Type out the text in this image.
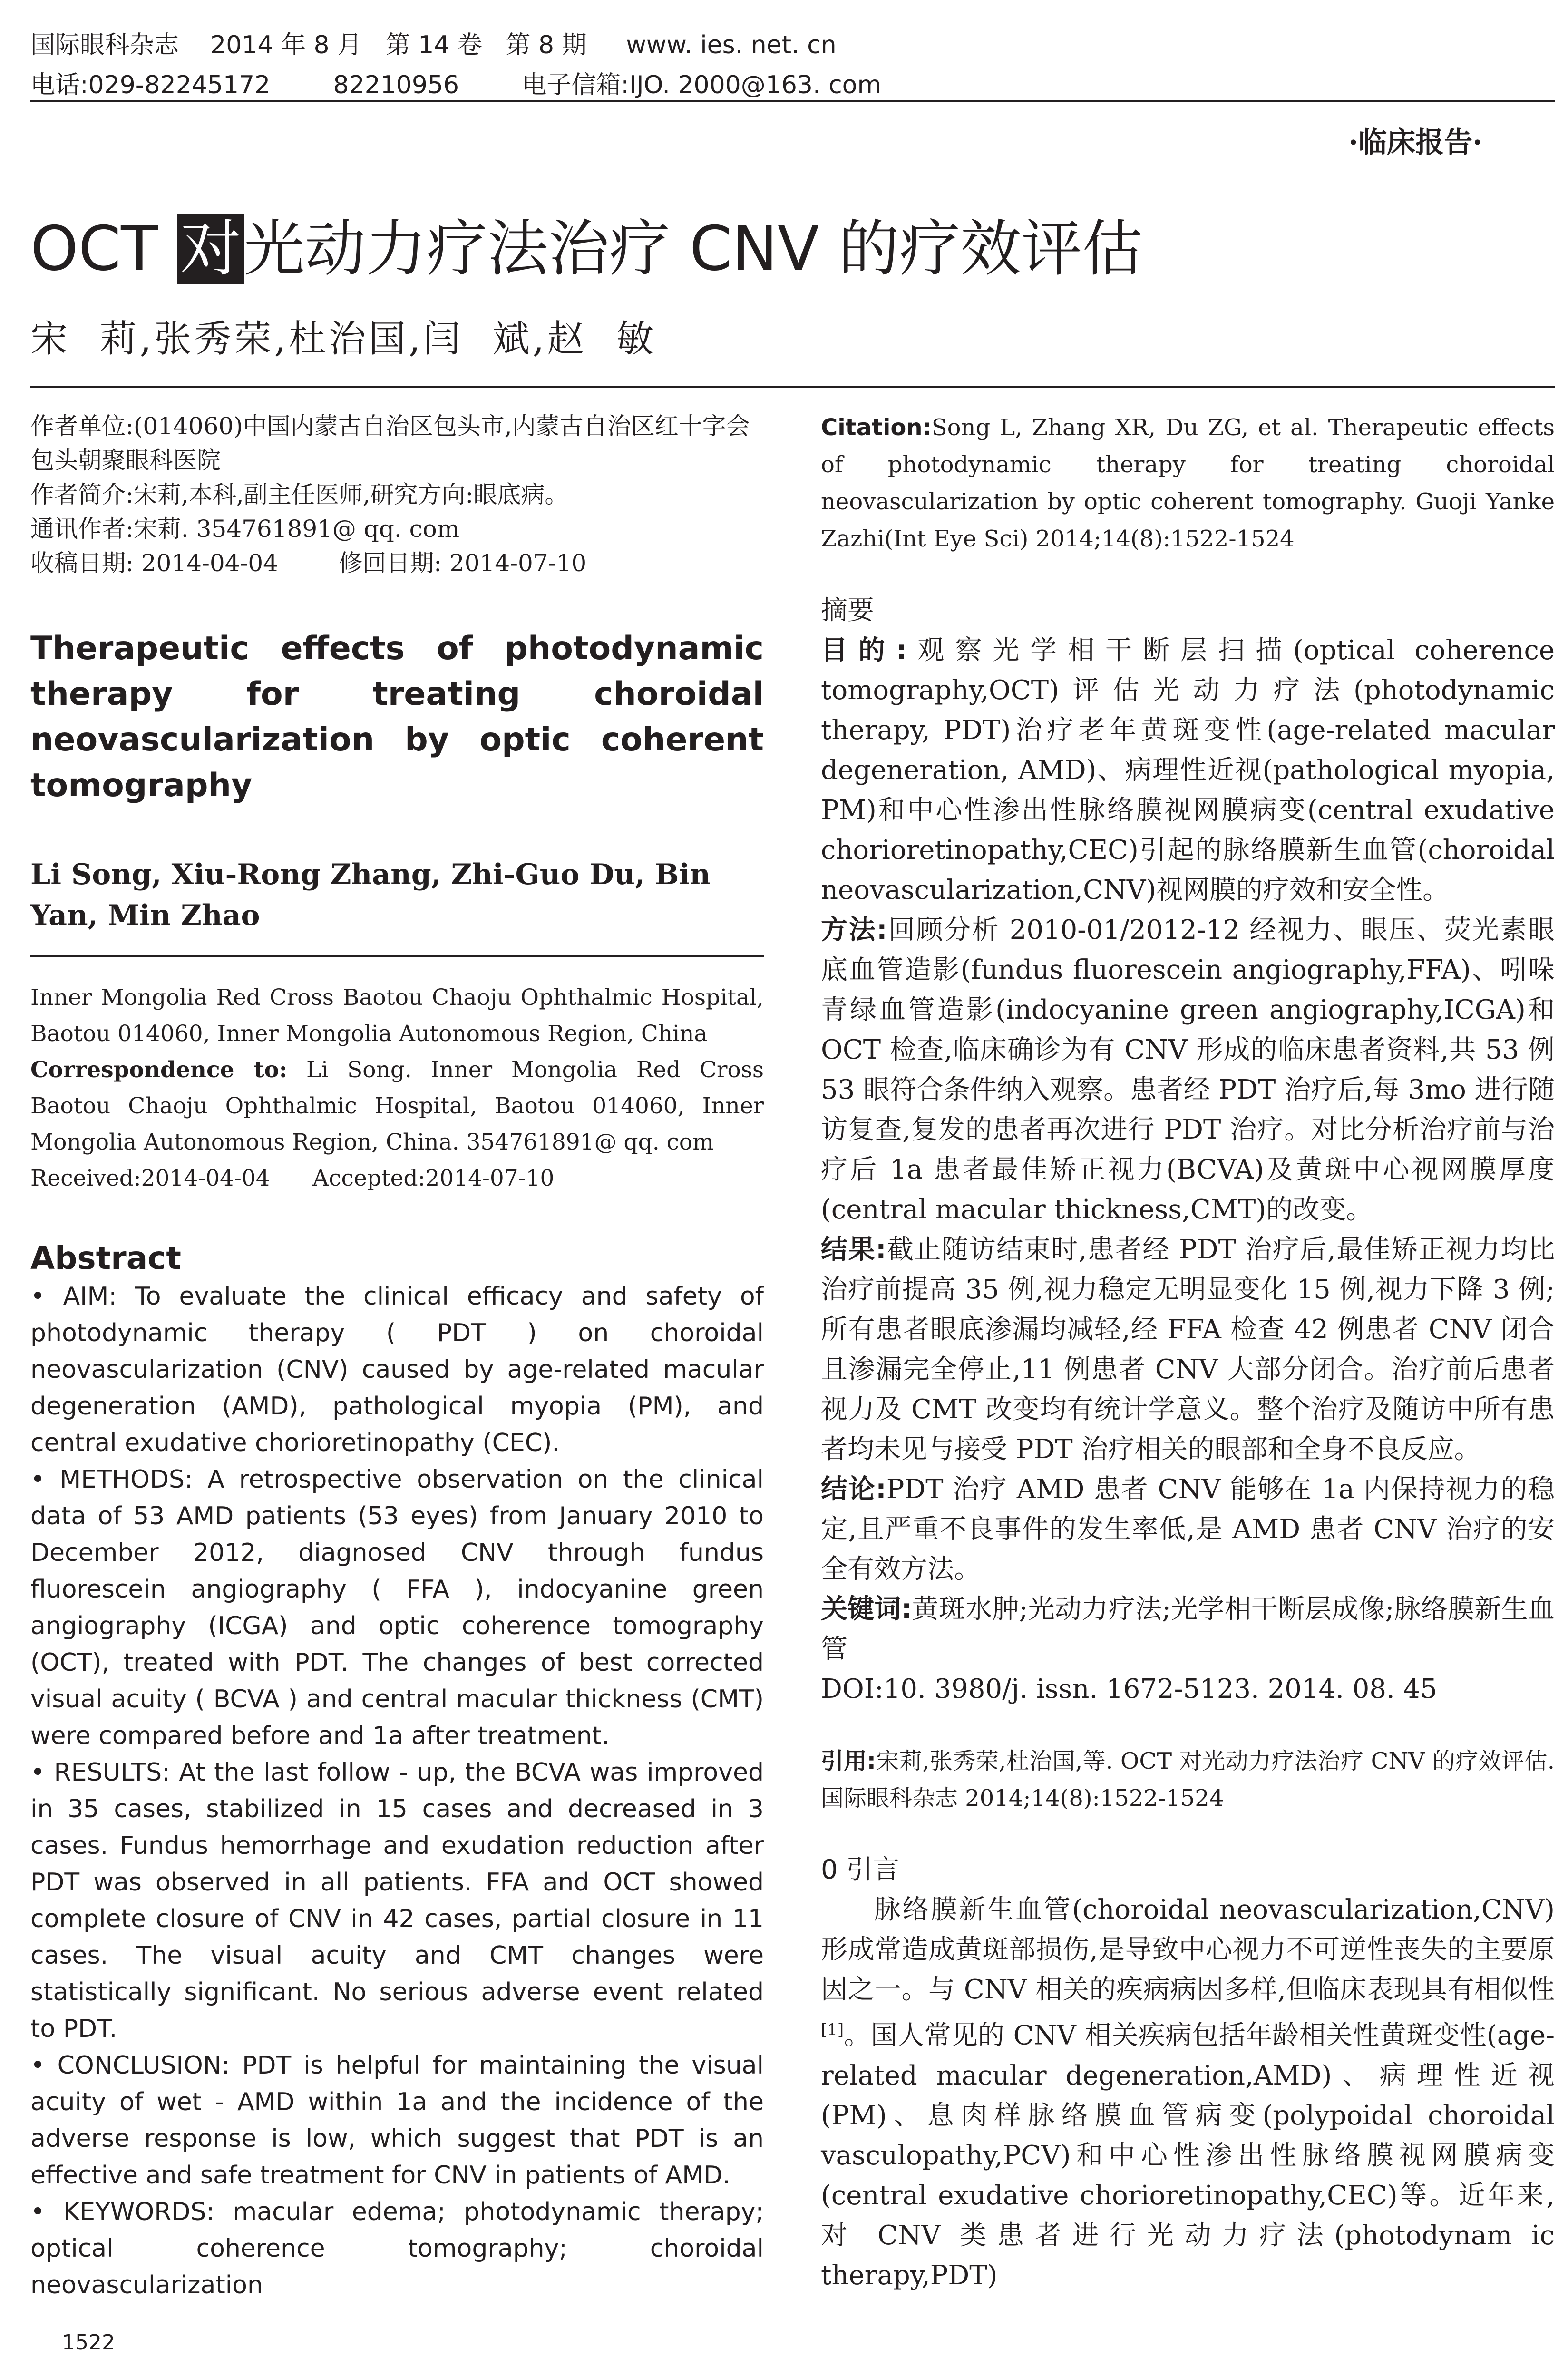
国际眼科杂志    2014 年 8 月   第 14 卷   第 8 期     www. ies. net. cn
电话:029-82245172        82210956        电子信箱:IJO. 2000@163. com
·临床报告·
OCT 对光动力疗法治疗 CNV 的疗效评估
宋  莉,张秀荣,杜治国,闫  斌,赵  敏

作者单位:(014060)中国内蒙古自治区包头市,内蒙古自治区红十字会包头朝聚眼科医院

作者简介:宋莉,本科,副主任医师,研究方向:眼底病。

通讯作者:宋莉. 354761891@ qq. com

收稿日期: 2014-04-04        修回日期: 2014-07-10

Therapeutic effects of photodynamic therapy for treating choroidal neovascularization by optic coherent tomography
Li Song, Xiu-Rong Zhang, Zhi-Guo Du, Bin Yan, Min Zhao

Inner Mongolia Red Cross Baotou Chaoju Ophthalmic Hospital, Baotou 014060, Inner Mongolia Autonomous Region, China

Correspondence to: Li Song. Inner Mongolia Red Cross Baotou Chaoju Ophthalmic Hospital, Baotou 014060, Inner Mongolia Autonomous Region, China. 354761891@ qq. com

Received:2014-04-04      Accepted:2014-07-10

Abstract

• AIM: To evaluate the clinical efficacy and safety of photodynamic therapy ( PDT ) on choroidal neovascularization (CNV) caused by age-related macular degeneration (AMD), pathological myopia (PM), and central exudative chorioretinopathy (CEC).

• METHODS: A retrospective observation on the clinical data of 53 AMD patients (53 eyes) from January 2010 to December 2012, diagnosed CNV through fundus fluorescein angiography ( FFA ), indocyanine green angiography (ICGA) and optic coherence tomography (OCT), treated with PDT. The changes of best corrected visual acuity ( BCVA ) and central macular thickness (CMT) were compared before and 1a after treatment.

• RESULTS: At the last follow - up, the BCVA was improved in 35 cases, stabilized in 15 cases and decreased in 3 cases. Fundus hemorrhage and exudation reduction after PDT was observed in all patients. FFA and OCT showed complete closure of CNV in 42 cases, partial closure in 11 cases. The visual acuity and CMT changes were statistically significant. No serious adverse event related to PDT.

• CONCLUSION: PDT is helpful for maintaining the visual acuity of wet - AMD within 1a and the incidence of the adverse response is low, which suggest that PDT is an effective and safe treatment for CNV in patients of AMD.

• KEYWORDS: macular edema; photodynamic therapy; optical coherence tomography; choroidal neovascularization

1522

Citation:Song L, Zhang XR, Du ZG, et al. Therapeutic effects of photodynamic therapy for treating choroidal neovascularization by optic coherent tomography. Guoji Yanke Zazhi(Int Eye Sci) 2014;14(8):1522-1524

摘要

目的:观察光学相干断层扫描(optical coherence tomography,OCT)评估光动力疗法(photodynamic therapy, PDT)治疗老年黄斑变性(age-related macular degeneration, AMD)、病理性近视(pathological myopia, PM)和中心性渗出性脉络膜视网膜病变(central exudative chorioretinopathy,CEC)引起的脉络膜新生血管(choroidal neovascularization,CNV)视网膜的疗效和安全性。

方法:回顾分析 2010-01/2012-12 经视力、眼压、荧光素眼底血管造影(fundus fluorescein angiography,FFA)、吲哚青绿血管造影(indocyanine green angiography,ICGA)和 OCT 检查,临床确诊为有 CNV 形成的临床患者资料,共 53 例 53 眼符合条件纳入观察。患者经 PDT 治疗后,每 3mo 进行随访复查,复发的患者再次进行 PDT 治疗。对比分析治疗前与治疗后 1a 患者最佳矫正视力(BCVA)及黄斑中心视网膜厚度(central macular thickness,CMT)的改变。

结果:截止随访结束时,患者经 PDT 治疗后,最佳矫正视力均比治疗前提高 35 例,视力稳定无明显变化 15 例,视力下降 3 例;所有患者眼底渗漏均减轻,经 FFA 检查 42 例患者 CNV 闭合且渗漏完全停止,11 例患者 CNV 大部分闭合。治疗前后患者视力及 CMT 改变均有统计学意义。整个治疗及随访中所有患者均未见与接受 PDT 治疗相关的眼部和全身不良反应。

结论:PDT 治疗 AMD 患者 CNV 能够在 1a 内保持视力的稳定,且严重不良事件的发生率低,是 AMD 患者 CNV 治疗的安全有效方法。

关键词:黄斑水肿;光动力疗法;光学相干断层成像;脉络膜新生血管

DOI:10. 3980/j. issn. 1672-5123. 2014. 08. 45

引用:宋莉,张秀荣,杜治国,等. OCT 对光动力疗法治疗 CNV 的疗效评估. 国际眼科杂志 2014;14(8):1522-1524

0 引言

脉络膜新生血管(choroidal neovascularization,CNV)形成常造成黄斑部损伤,是导致中心视力不可逆性丧失的主要原因之一。与 CNV 相关的疾病病因多样,但临床表现具有相似性[1]。国人常见的 CNV 相关疾病包括年龄相关性黄斑变性(age-related macular degeneration,AMD)、病理性近视(PM)、息肉样脉络膜血管病变(polypoidal choroidal vasculopathy,PCV)和中心性渗出性脉络膜视网膜病变(central exudative chorioretinopathy,CEC)等。近年来,对 CNV 类患者进行光动力疗法(photodynam ic therapy,PDT)
